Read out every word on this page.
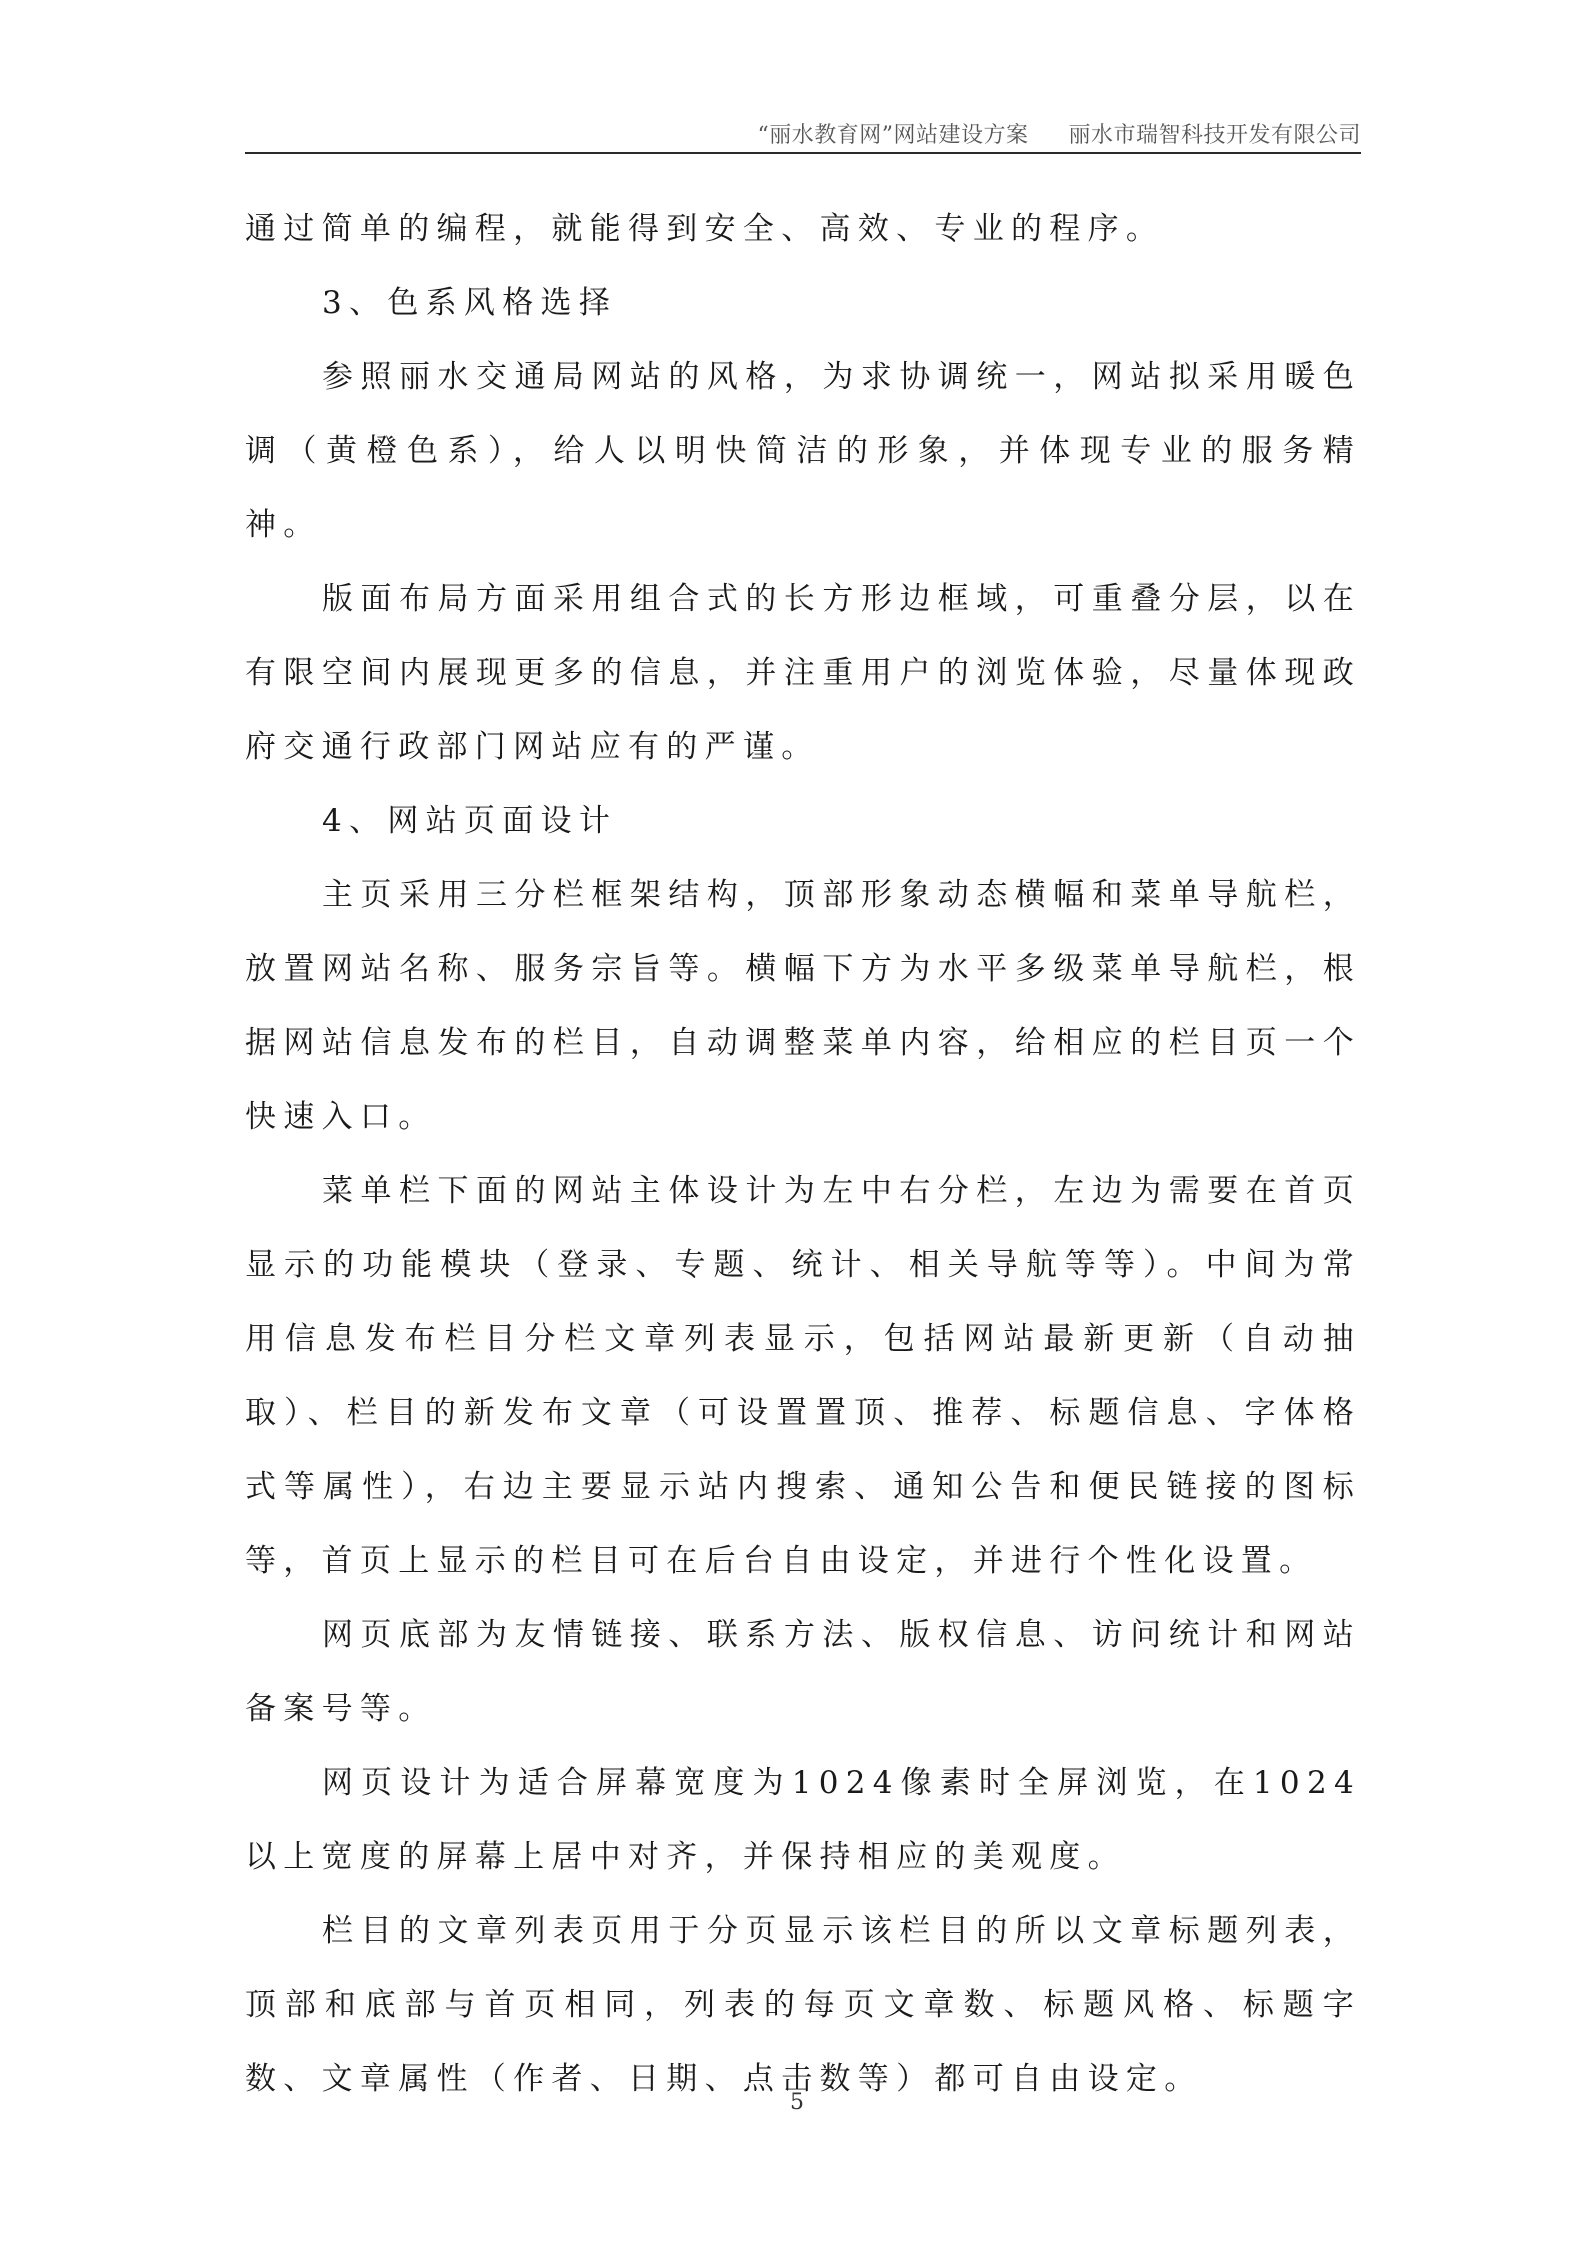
“丽水教育网”网站建设方案 丽水市瑞智科技开发有限公司

通过简单的编程，就能得到安全、高效、专业的程序。

3、色系风格选择

参照丽水交通局网站的风格，为求协调统一，网站拟采用暖色调（黄橙色系），给人以明快简洁的形象，并体现专业的服务精神。

版面布局方面采用组合式的长方形边框域，可重叠分层，以在有限空间内展现更多的信息，并注重用户的浏览体验，尽量体现政府交通行政部门网站应有的严谨。

4、网站页面设计

主页采用三分栏框架结构，顶部形象动态横幅和菜单导航栏，放置网站名称、服务宗旨等。横幅下方为水平多级菜单导航栏，根据网站信息发布的栏目，自动调整菜单内容，给相应的栏目页一个快速入口。

菜单栏下面的网站主体设计为左中右分栏，左边为需要在首页显示的功能模块（登录、专题、统计、相关导航等等）。中间为常用信息发布栏目分栏文章列表显示，包括网站最新更新（自动抽取）、栏目的新发布文章（可设置置顶、推荐、标题信息、字体格式等属性），右边主要显示站内搜索、通知公告和便民链接的图标等，首页上显示的栏目可在后台自由设定，并进行个性化设置。

网页底部为友情链接、联系方法、版权信息、访问统计和网站备案号等。

网页设计为适合屏幕宽度为1024像素时全屏浏览，在1024以上宽度的屏幕上居中对齐，并保持相应的美观度。

栏目的文章列表页用于分页显示该栏目的所以文章标题列表，顶部和底部与首页相同，列表的每页文章数、标题风格、标题字数、文章属性（作者、日期、点击数等）都可自由设定。

5
